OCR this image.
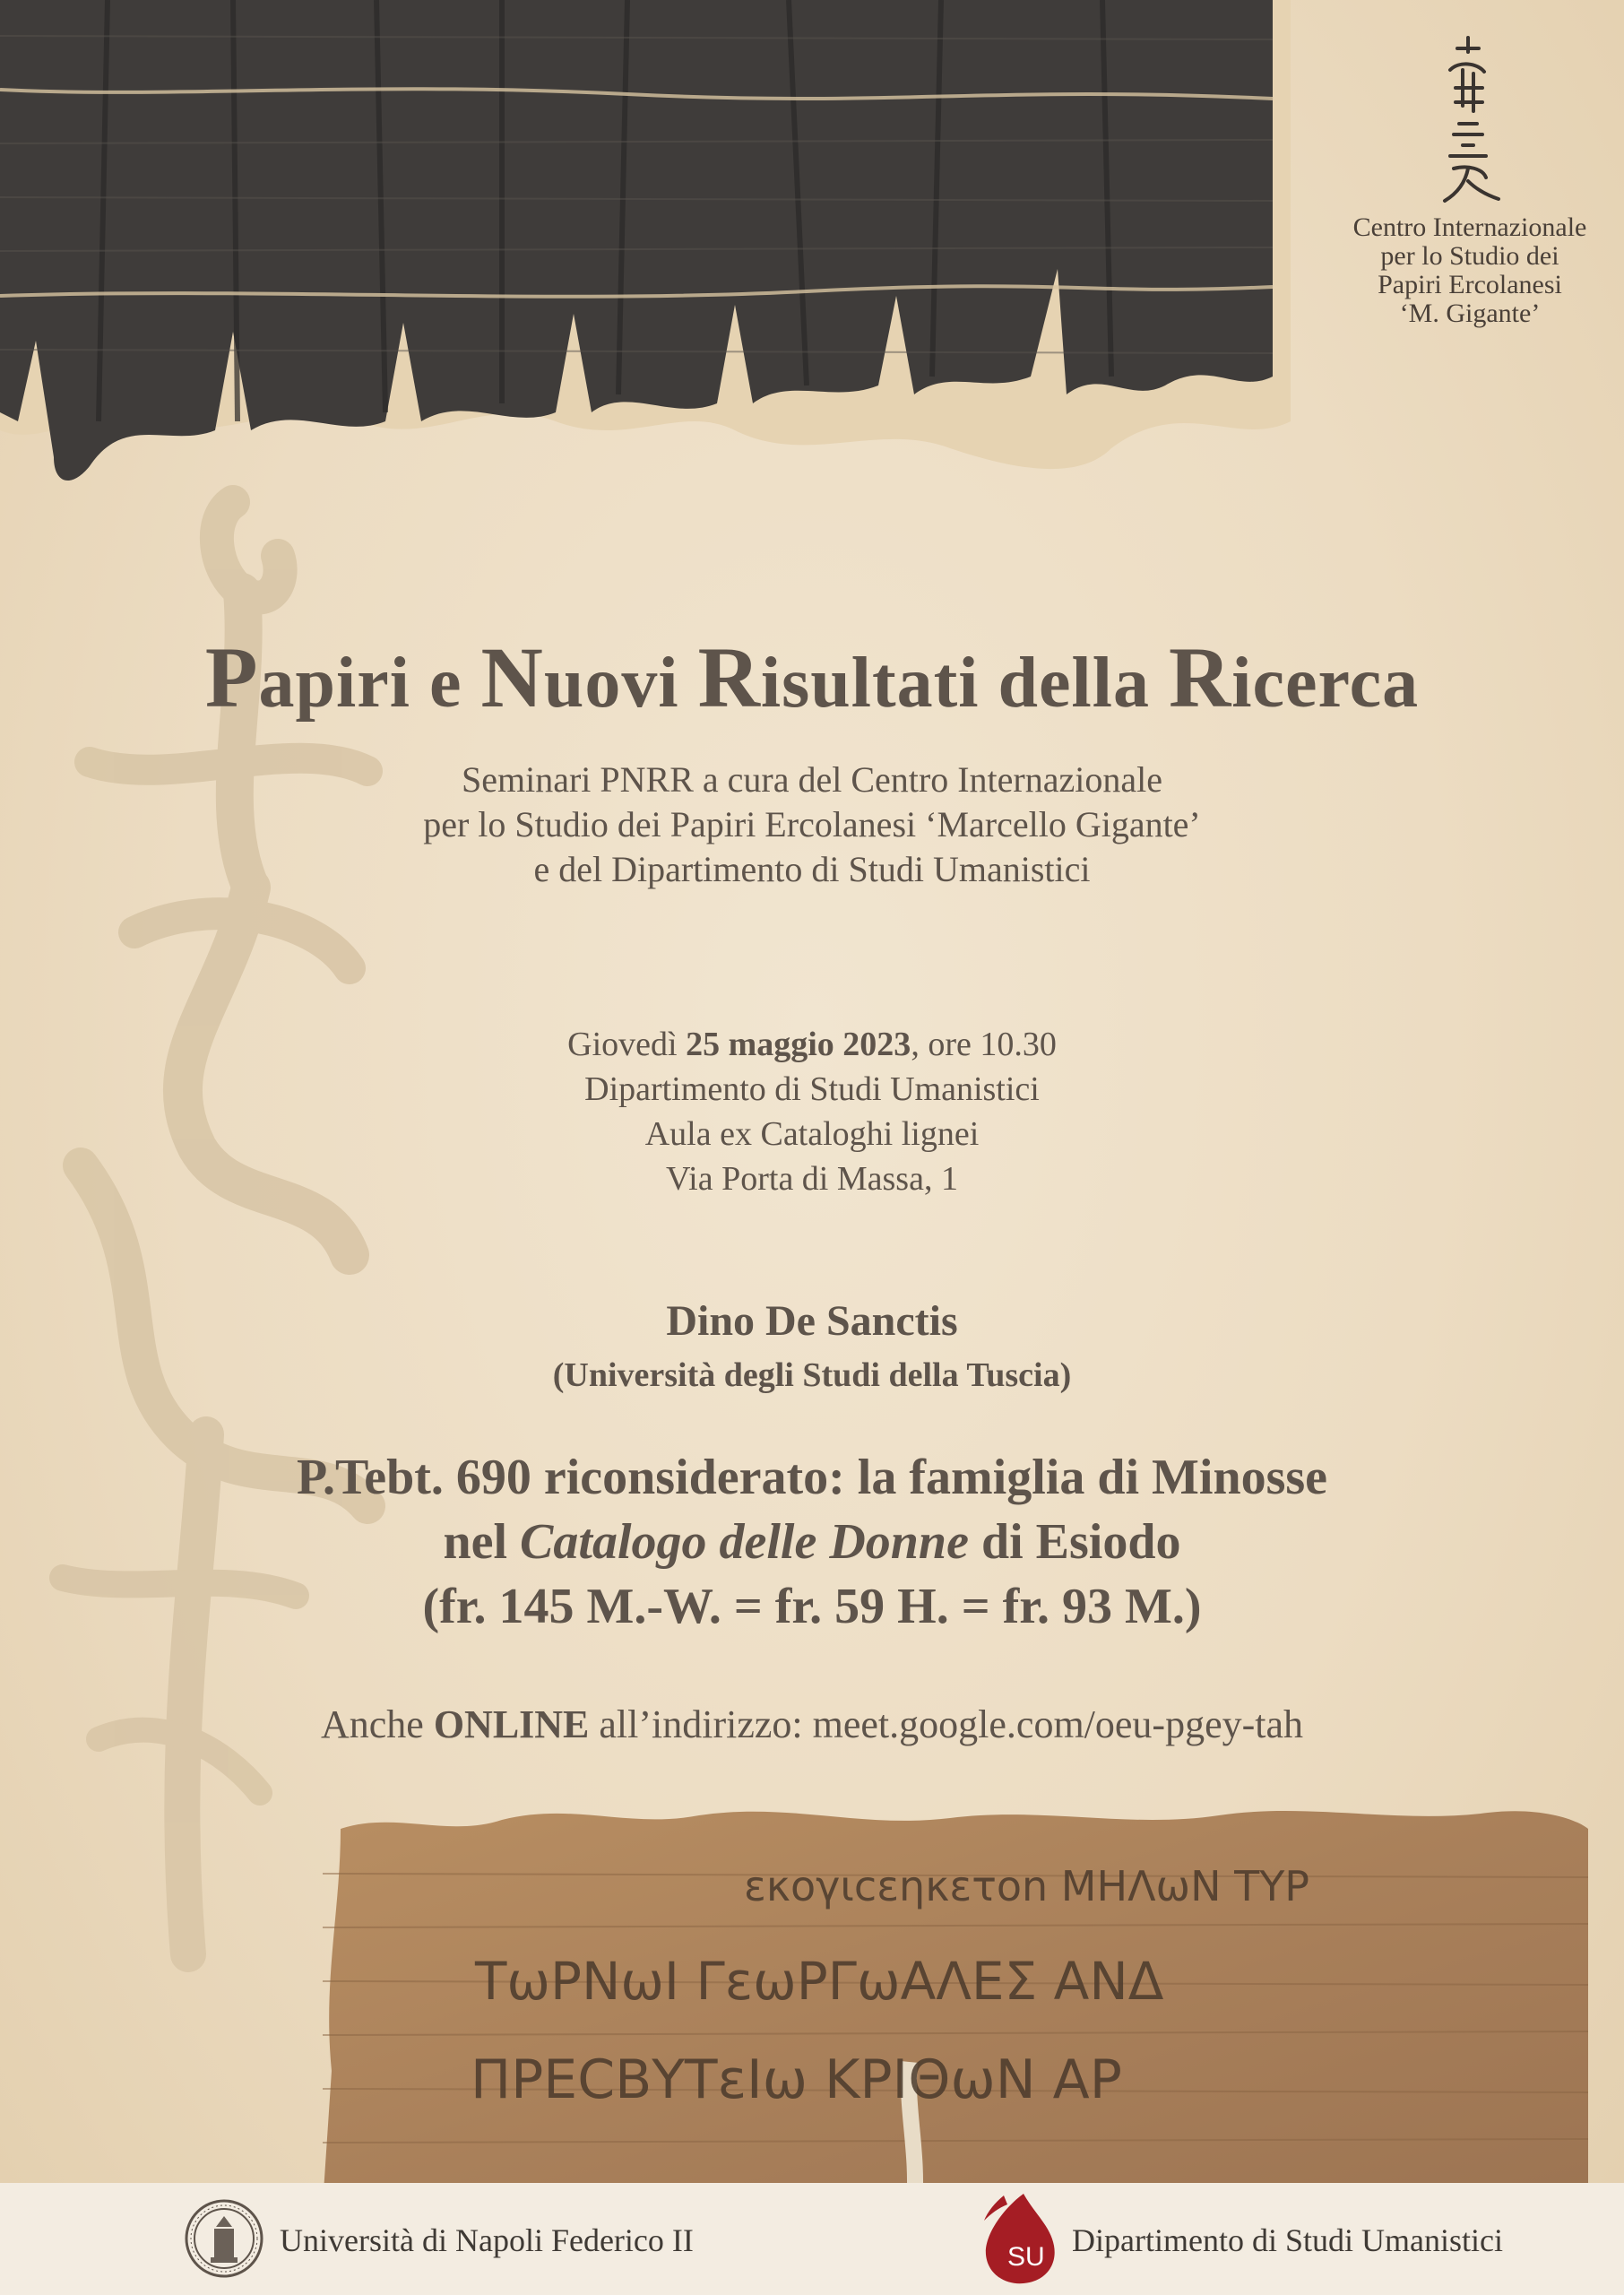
Centro Internazionale
per lo Studio dei
Papiri Ercolanesi
‘M. Gigante’
Papiri e Nuovi Risultati della Ricerca
Seminari PNRR a cura del Centro Internazionale
per lo Studio dei Papiri Ercolanesi ‘Marcello Gigante’
e del Dipartimento di Studi Umanistici
Giovedì 25 maggio 2023, ore 10.30
Dipartimento di Studi Umanistici
Aula ex Cataloghi lignei
Via Porta di Massa, 1
Dino De Sanctis
(Università degli Studi della Tuscia)
P.Tebt. 690 riconsiderato: la famiglia di Minosse
nel Catalogo delle Donne di Esiodo
(fr. 145 M.-W. = fr. 59 H. = fr. 93 M.)
Anche ONLINE all’indirizzo: meet.google.com/oeu-pgey-tah
εκογιcεηκετοn ΜΗΛωΝ ΤΥΡ
ΤωΡΝωΙ ΓεωΡΓωΑΛΕΣ ΑΝΔ
ΠΡΕCΒΥΤεΙω ΚΡΙΘωΝ ΑΡ
Università di Napoli Federico II	SU Dipartimento di Studi Umanistici
